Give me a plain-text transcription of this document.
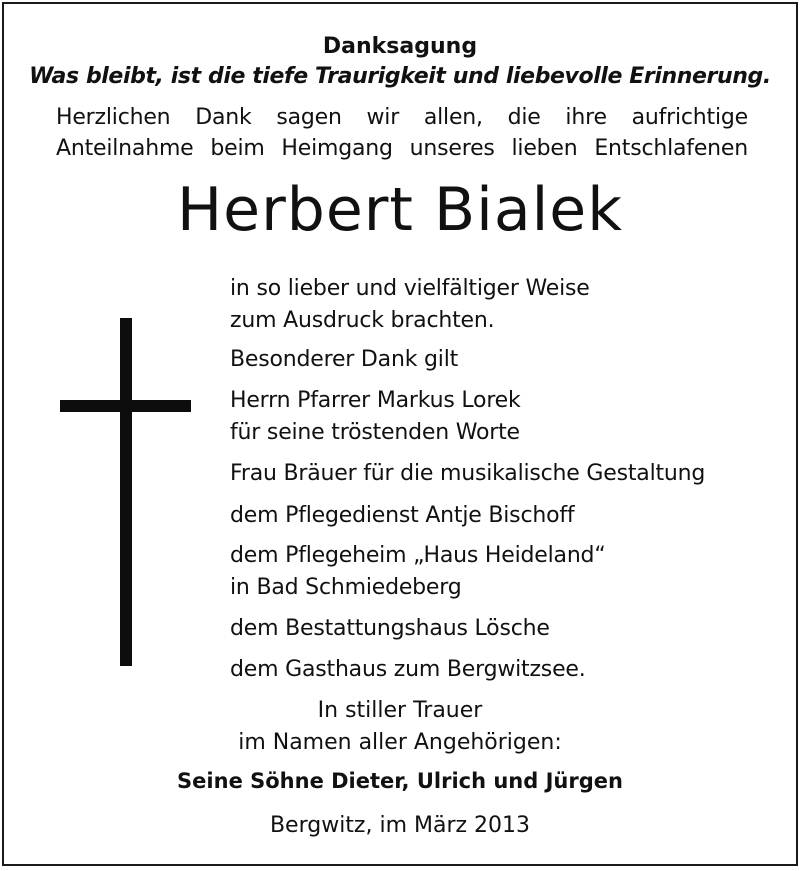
Danksagung
Was bleibt, ist die tiefe Traurigkeit und liebevolle Erinnerung.
Herzlichen Dank sagen wir allen, die ihre aufrichtige
Anteilnahme beim Heimgang unseres lieben Entschlafenen
Herbert Bialek
in so lieber und vielfältiger Weise
zum Ausdruck brachten.
Besonderer Dank gilt
Herrn Pfarrer Markus Lorek
für seine tröstenden Worte
Frau Bräuer für die musikalische Gestaltung
dem Pflegedienst Antje Bischoff
dem Pflegeheim „Haus Heideland“
in Bad Schmiedeberg
dem Bestattungshaus Lösche
dem Gasthaus zum Bergwitzsee.
In stiller Trauer
im Namen aller Angehörigen:
Seine Söhne Dieter, Ulrich und Jürgen
Bergwitz, im März 2013
